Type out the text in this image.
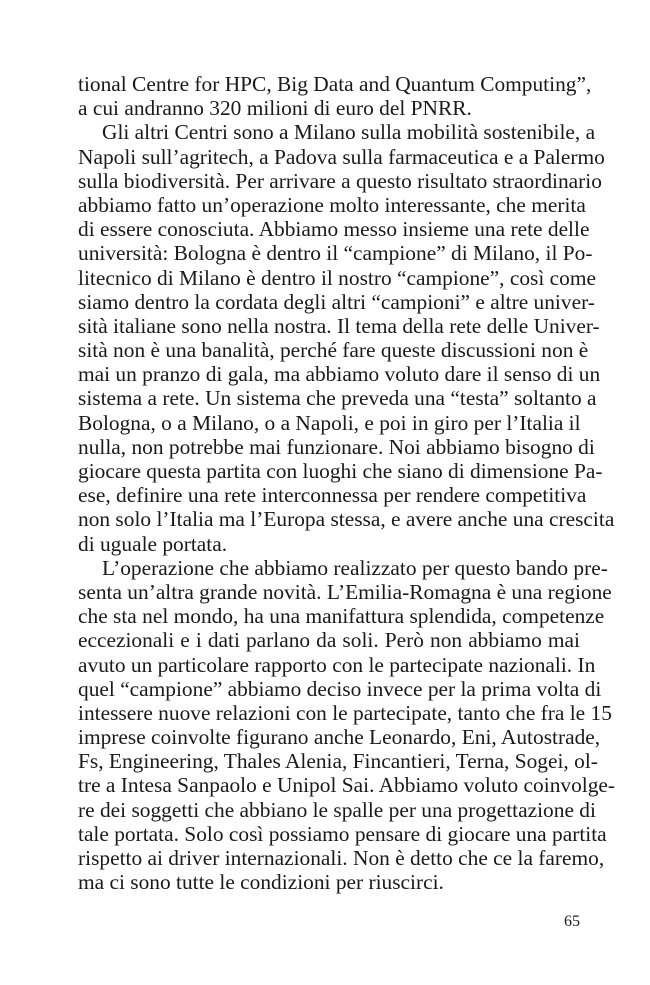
tional Centre for HPC, Big Data and Quantum Computing”,
a cui andranno 320 milioni di euro del PNRR.
Gli altri Centri sono a Milano sulla mobilità sostenibile, a
Napoli sull’agritech, a Padova sulla farmaceutica e a Palermo
sulla biodiversità. Per arrivare a questo risultato straordinario
abbiamo fatto un’operazione molto interessante, che merita
di essere conosciuta. Abbiamo messo insieme una rete delle
università: Bologna è dentro il “campione” di Milano, il Po-
litecnico di Milano è dentro il nostro “campione”, così come
siamo dentro la cordata degli altri “campioni” e altre univer-
sità italiane sono nella nostra. Il tema della rete delle Univer-
sità non è una banalità, perché fare queste discussioni non è
mai un pranzo di gala, ma abbiamo voluto dare il senso di un
sistema a rete. Un sistema che preveda una “testa” soltanto a
Bologna, o a Milano, o a Napoli, e poi in giro per l’Italia il
nulla, non potrebbe mai funzionare. Noi abbiamo bisogno di
giocare questa partita con luoghi che siano di dimensione Pa-
ese, definire una rete interconnessa per rendere competitiva
non solo l’Italia ma l’Europa stessa, e avere anche una crescita
di uguale portata.
L’operazione che abbiamo realizzato per questo bando pre-
senta un’altra grande novità. L’Emilia-Romagna è una regione
che sta nel mondo, ha una manifattura splendida, competenze
eccezionali e i dati parlano da soli. Però non abbiamo mai
avuto un particolare rapporto con le partecipate nazionali. In
quel “campione” abbiamo deciso invece per la prima volta di
intessere nuove relazioni con le partecipate, tanto che fra le 15
imprese coinvolte figurano anche Leonardo, Eni, Autostrade,
Fs, Engineering, Thales Alenia, Fincantieri, Terna, Sogei, ol-
tre a Intesa Sanpaolo e Unipol Sai. Abbiamo voluto coinvolge-
re dei soggetti che abbiano le spalle per una progettazione di
tale portata. Solo così possiamo pensare di giocare una partita
rispetto ai driver internazionali. Non è detto che ce la faremo,
ma ci sono tutte le condizioni per riuscirci.
65
